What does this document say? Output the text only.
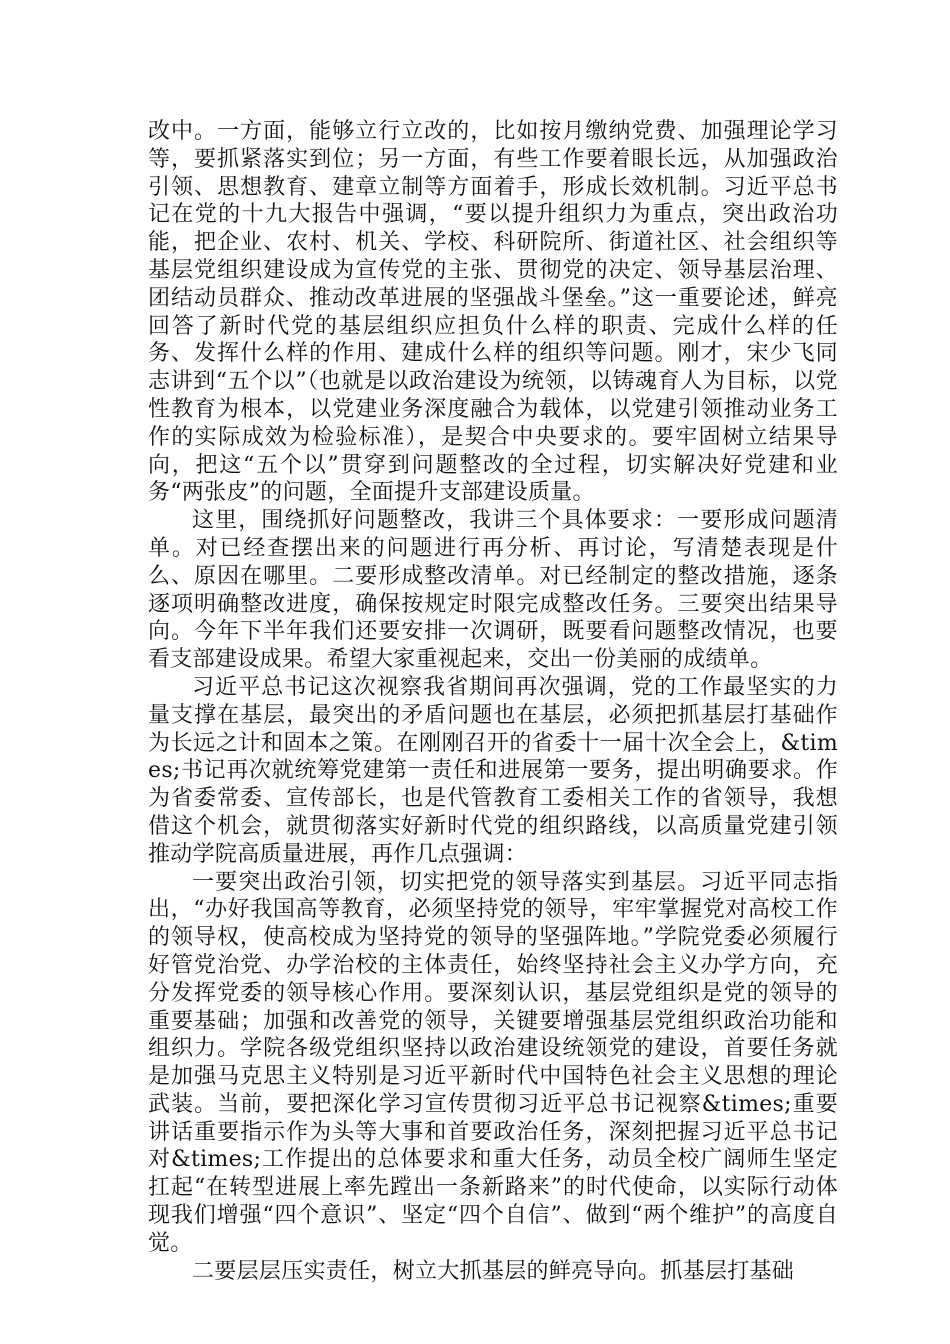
改中。一方面，能够立行立改的，比如按月缴纳党费、加强理论学习等，要抓紧落实到位；另一方面，有些工作要着眼长远，从加强政治引领、思想教育、建章立制等方面着手，形成长效机制。习近平总书记在党的十九大报告中强调，“要以提升组织力为重点，突出政治功能，把企业、农村、机关、学校、科研院所、街道社区、社会组织等基层党组织建设成为宣传党的主张、贯彻党的决定、领导基层治理、团结动员群众、推动改革进展的坚强战斗堡垒。”这一重要论述，鲜亮回答了新时代党的基层组织应担负什么样的职责、完成什么样的任务、发挥什么样的作用、建成什么样的组织等问题。刚才，宋少飞同志讲到“五个以”（也就是以政治建设为统领，以铸魂育人为目标，以党性教育为根本，以党建业务深度融合为载体，以党建引领推动业务工作的实际成效为检验标准），是契合中央要求的。要牢固树立结果导向，把这“五个以”贯穿到问题整改的全过程，切实解决好党建和业务“两张皮”的问题，全面提升支部建设质量。

这里，围绕抓好问题整改，我讲三个具体要求：一要形成问题清单。对已经查摆出来的问题进行再分析、再讨论，写清楚表现是什么、原因在哪里。二要形成整改清单。对已经制定的整改措施，逐条逐项明确整改进度，确保按规定时限完成整改任务。三要突出结果导向。今年下半年我们还要安排一次调研，既要看问题整改情况，也要看支部建设成果。希望大家重视起来，交出一份美丽的成绩单。

习近平总书记这次视察我省期间再次强调，党的工作最坚实的力量支撑在基层，最突出的矛盾问题也在基层，必须把抓基层打基础作为长远之计和固本之策。在刚刚召开的省委十一届十次全会上，&times;书记再次就统筹党建第一责任和进展第一要务，提出明确要求。作为省委常委、宣传部长，也是代管教育工委相关工作的省领导，我想借这个机会，就贯彻落实好新时代党的组织路线，以高质量党建引领推动学院高质量进展，再作几点强调：

一要突出政治引领，切实把党的领导落实到基层。习近平同志指出，“办好我国高等教育，必须坚持党的领导，牢牢掌握党对高校工作的领导权，使高校成为坚持党的领导的坚强阵地。”学院党委必须履行好管党治党、办学治校的主体责任，始终坚持社会主义办学方向，充分发挥党委的领导核心作用。要深刻认识，基层党组织是党的领导的重要基础；加强和改善党的领导，关键要增强基层党组织政治功能和组织力。学院各级党组织坚持以政治建设统领党的建设，首要任务就是加强马克思主义特别是习近平新时代中国特色社会主义思想的理论武装。当前，要把深化学习宣传贯彻习近平总书记视察&times;重要讲话重要指示作为头等大事和首要政治任务，深刻把握习近平总书记对&times;工作提出的总体要求和重大任务，动员全校广阔师生坚定扛起“在转型进展上率先蹚出一条新路来”的时代使命，以实际行动体现我们增强“四个意识”、坚定“四个自信”、做到“两个维护”的高度自觉。

二要层层压实责任，树立大抓基层的鲜亮导向。抓基层打基础
